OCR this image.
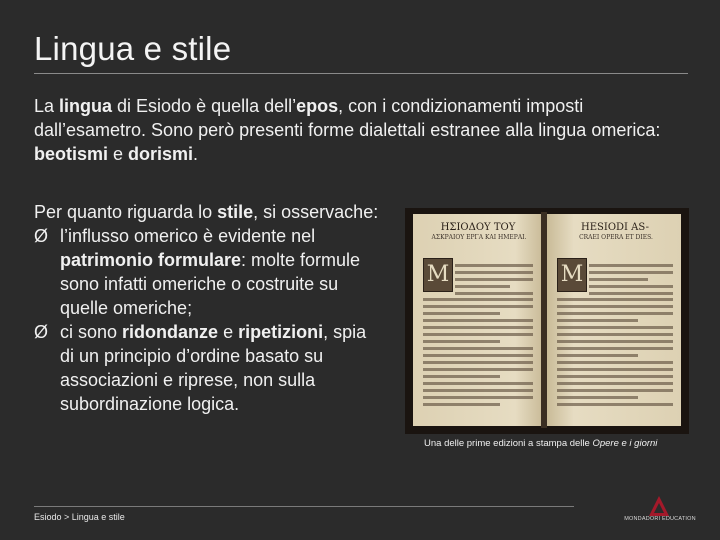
Lingua e stile
La lingua di Esiodo è quella dell’epos, con i condizionamenti imposti dall’esametro. Sono però presenti forme dialettali estranee alla lingua omerica: beotismi e dorismi.

Per quanto riguarda lo stile, si osservache:

Ø l’influsso omerico è evidente nel patrimonio formulare: molte formule sono infatti omeriche o costruite su quelle omeriche;
Ø ci sono ridondanze e ripetizioni, spia di un principio d’ordine basato su associazioni e riprese, non sulla subordinazione logica.
ΗΣΙΟΔΟΥ ΤΟΥ
ΑΣΚΡΑΙΟΥ ΕΡΓΑ ΚΑΙ ΗΜΕΡΑΙ.
Μ
HESIODI AS-
CRAEI OPERA ET DIES.
M
Una delle prime edizioni a stampa delle Opere e i giorni
Esiodo > Lingua e stile	MONDADORI EDUCATION
